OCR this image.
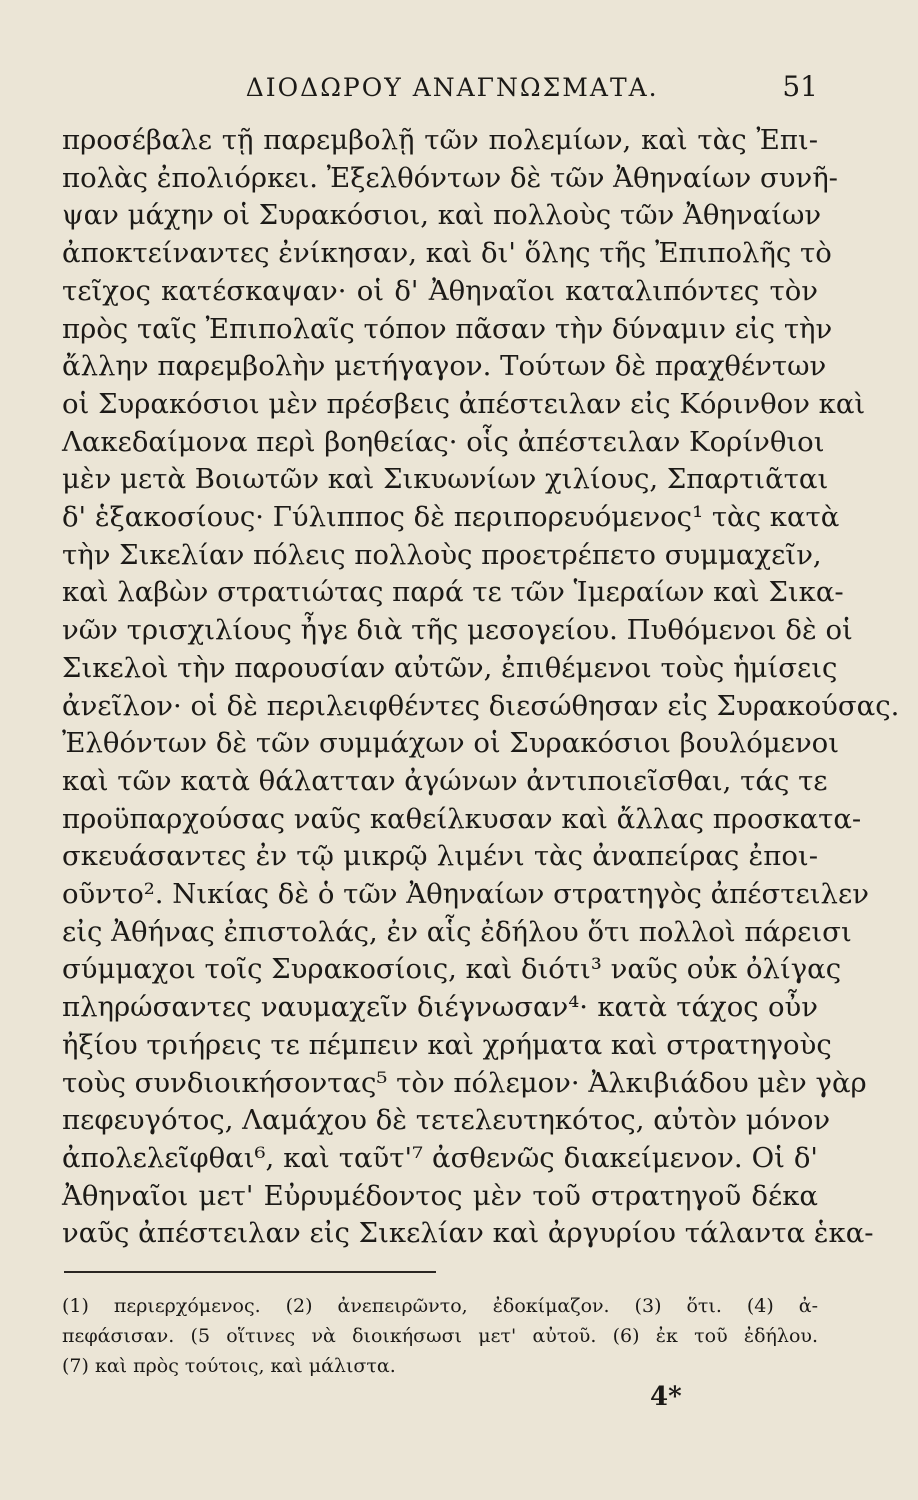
ΔΙΟΔΩΡΟΥ ΑΝΑΓΝΩΣΜΑΤΑ.	51
προσέβαλε τῇ παρεμβολῇ τῶν πολεμίων, καὶ τὰς Ἐπι-
πολὰς ἐπολιόρκει. Ἐξελθόντων δὲ τῶν Ἀθηναίων συνῆ-
ψαν μάχην οἱ Συρακόσιοι, καὶ πολλοὺς τῶν Ἀθηναίων
ἀποκτείναντες ἐνίκησαν, καὶ δι' ὅλης τῆς Ἐπιπολῆς τὸ
τεῖχος κατέσκαψαν· οἱ δ' Ἀθηναῖοι καταλιπόντες τὸν
πρὸς ταῖς Ἐπιπολαῖς τόπον πᾶσαν τὴν δύναμιν εἰς τὴν
ἄλλην παρεμβολὴν μετήγαγον. Τούτων δὲ πραχθέντων
οἱ Συρακόσιοι μὲν πρέσβεις ἀπέστειλαν εἰς Κόρινθον καὶ
Λακεδαίμονα περὶ βοηθείας· οἷς ἀπέστειλαν Κορίνθιοι
μὲν μετὰ Βοιωτῶν καὶ Σικυωνίων χιλίους, Σπαρτιᾶται
δ' ἑξακοσίους· Γύλιππος δὲ περιπορευόμενος¹ τὰς κατὰ
τὴν Σικελίαν πόλεις πολλοὺς προετρέπετο συμμαχεῖν,
καὶ λαβὼν στρατιώτας παρά τε τῶν Ἱμεραίων καὶ Σικα-
νῶν τρισχιλίους ἦγε διὰ τῆς μεσογείου. Πυθόμενοι δὲ οἱ
Σικελοὶ τὴν παρουσίαν αὐτῶν, ἐπιθέμενοι τοὺς ἡμίσεις
ἀνεῖλον· οἱ δὲ περιλειφθέντες διεσώθησαν εἰς Συρακούσας.
Ἐλθόντων δὲ τῶν συμμάχων οἱ Συρακόσιοι βουλόμενοι
καὶ τῶν κατὰ θάλατταν ἀγώνων ἀντιποιεῖσθαι, τάς τε
προϋπαρχούσας ναῦς καθείλκυσαν καὶ ἄλλας προσκατα-
σκευάσαντες ἐν τῷ μικρῷ λιμένι τὰς ἀναπείρας ἐποι-
οῦντο². Νικίας δὲ ὁ τῶν Ἀθηναίων στρατηγὸς ἀπέστειλεν
εἰς Ἀθήνας ἐπιστολάς, ἐν αἷς ἐδήλου ὅτι πολλοὶ πάρεισι
σύμμαχοι τοῖς Συρακοσίοις, καὶ διότι³ ναῦς οὐκ ὀλίγας
πληρώσαντες ναυμαχεῖν διέγνωσαν⁴· κατὰ τάχος οὖν
ἠξίου τριήρεις τε πέμπειν καὶ χρήματα καὶ στρατηγοὺς
τοὺς συνδιοικήσοντας⁵ τὸν πόλεμον· Ἀλκιβιάδου μὲν γὰρ
πεφευγότος, Λαμάχου δὲ τετελευτηκότος, αὐτὸν μόνον
ἀπολελεῖφθαι⁶, καὶ ταῦτ'⁷ ἀσθενῶς διακείμενον. Οἱ δ'
Ἀθηναῖοι μετ' Εὐρυμέδοντος μὲν τοῦ στρατηγοῦ δέκα
ναῦς ἀπέστειλαν εἰς Σικελίαν καὶ ἀργυρίου τάλαντα ἑκα-
(1) περιερχόμενος. (2) ἀνεπειρῶντο, ἐδοκίμαζον. (3) ὅτι. (4) ἀ-
πεφάσισαν. (5 οἵτινες νὰ διοικήσωσι μετ' αὐτοῦ. (6) ἐκ τοῦ ἐδήλου.
(7) καὶ πρὸς τούτοις, καὶ μάλιστα.
4*
